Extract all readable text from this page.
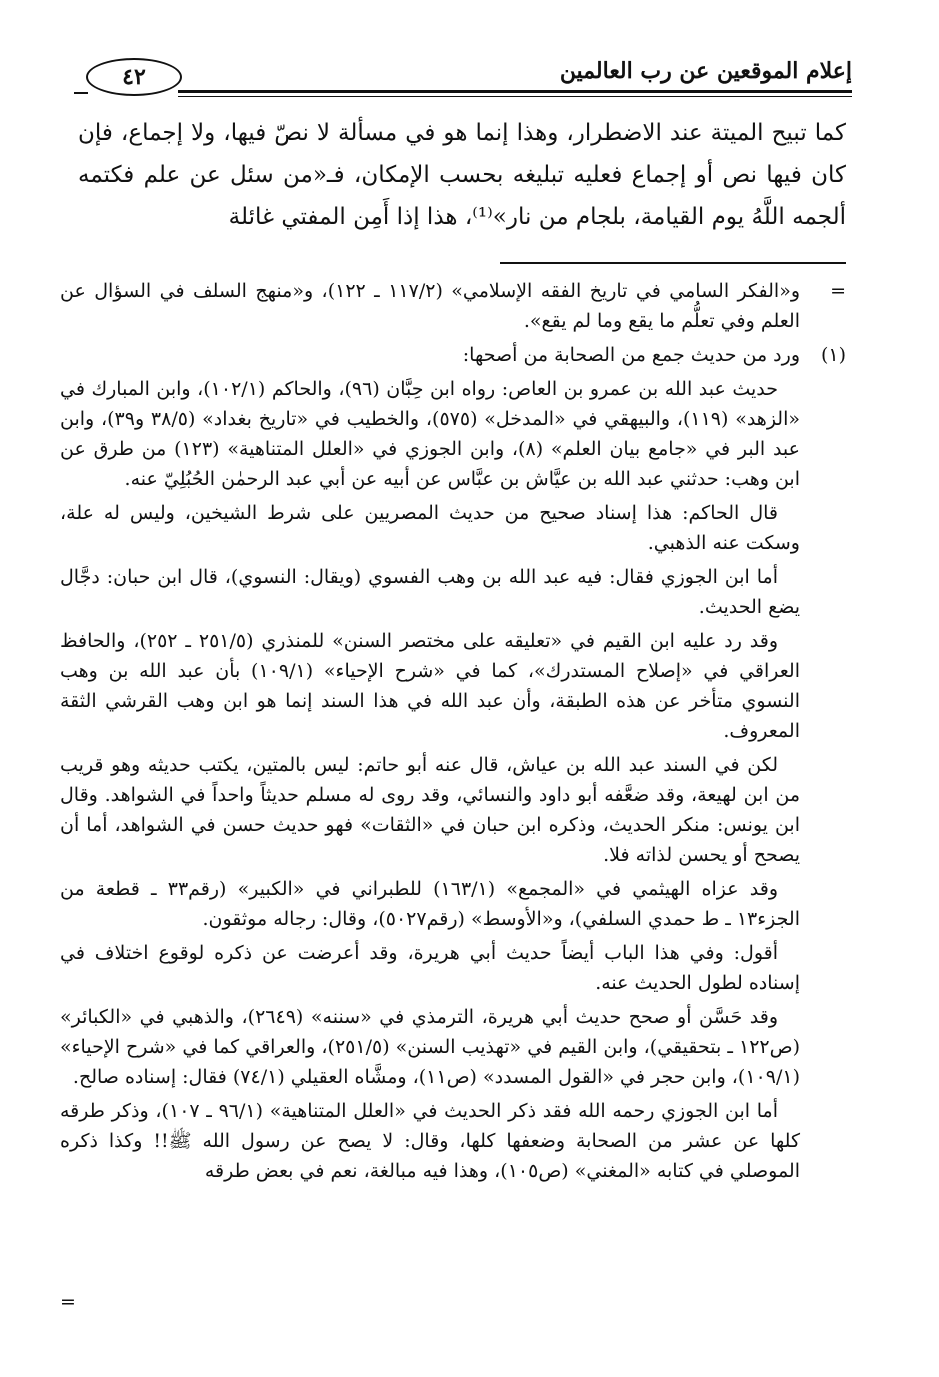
إعلام الموقعين عن رب العالمين
٤٢

كما تبيح الميتة عند الاضطرار، وهذا إنما هو في مسألة لا نصّ فيها، ولا إجماع، فإن كان فيها نص أو إجماع فعليه تبليغه بحسب الإمكان، فـ«من سئل عن علم فكتمه ألجمه اللَّهُ يوم القيامة، بلجام من نار»⁽¹⁾، هذا إذا أَمِن المفتي غائلة

=

و«الفكر السامي في تاريخ الفقه الإسلامي» (١١٧/٢ ـ ١٢٢)، و«منهج السلف في السؤال عن العلم وفي تعلُّم ما يقع وما لم يقع».

(١)

ورد من حديث جمع من الصحابة من أصحها:

حديث عبد الله بن عمرو بن العاص: رواه ابن حِبَّان (٩٦)، والحاكم (١٠٢/١)، وابن المبارك في «الزهد» (١١٩)، والبيهقي في «المدخل» (٥٧٥)، والخطيب في «تاريخ بغداد» (٣٨/٥ و٣٩)، وابن عبد البر في «جامع بيان العلم» (٨)، وابن الجوزي في «العلل المتناهية» (١٢٣) من طرق عن ابن وهب: حدثني عبد الله بن عيَّاش بن عبَّاس عن أبيه عن أبي عبد الرحمٰن الحُبُلِيّ عنه.

قال الحاكم: هذا إسناد صحيح من حديث المصريين على شرط الشيخين، وليس له علة، وسكت عنه الذهبي.

أما ابن الجوزي فقال: فيه عبد الله بن وهب الفسوي (ويقال: النسوي)، قال ابن حبان: دجَّال يضع الحديث.

وقد رد عليه ابن القيم في «تعليقه على مختصر السنن» للمنذري (٢٥١/٥ ـ ٢٥٢)، والحافظ العراقي في «إصلاح المستدرك»، كما في «شرح الإحياء» (١٠٩/١) بأن عبد الله بن وهب النسوي متأخر عن هذه الطبقة، وأن عبد الله في هذا السند إنما هو ابن وهب القرشي الثقة المعروف.

لكن في السند عبد الله بن عياش، قال عنه أبو حاتم: ليس بالمتين، يكتب حديثه وهو قريب من ابن لهيعة، وقد ضعَّفه أبو داود والنسائي، وقد روى له مسلم حديثاً واحداً في الشواهد. وقال ابن يونس: منكر الحديث، وذكره ابن حبان في «الثقات» فهو حديث حسن في الشواهد، أما أن يصحح أو يحسن لذاته فلا.

وقد عزاه الهيثمي في «المجمع» (١٦٣/١) للطبراني في «الكبير» (رقم٣٣ ـ قطعة من الجزء١٣ ـ ط حمدي السلفي)، و«الأوسط» (رقم٥٠٢٧)، وقال: رجاله موثقون.

أقول: وفي هذا الباب أيضاً حديث أبي هريرة، وقد أعرضت عن ذكره لوقوع اختلاف في إسناده لطول الحديث عنه.

وقد حَسَّن أو صحح حديث أبي هريرة، الترمذي في «سننه» (٢٦٤٩)، والذهبي في «الكبائر» (ص١٢٢ ـ بتحقيقي)، وابن القيم في «تهذيب السنن» (٢٥١/٥)، والعراقي كما في «شرح الإحياء» (١٠٩/١)، وابن حجر في «القول المسدد» (ص١١)، ومشَّاه العقيلي (٧٤/١) فقال: إسناده صالح.

أما ابن الجوزي رحمه الله فقد ذكر الحديث في «العلل المتناهية» (٩٦/١ ـ ١٠٧)، وذكر طرقه كلها عن عشر من الصحابة وضعفها كلها، وقال: لا يصح عن رسول الله ﷺ!! وكذا ذكره الموصلي في كتابه «المغني» (ص١٠٥)، وهذا فيه مبالغة، نعم في بعض طرقه

=
